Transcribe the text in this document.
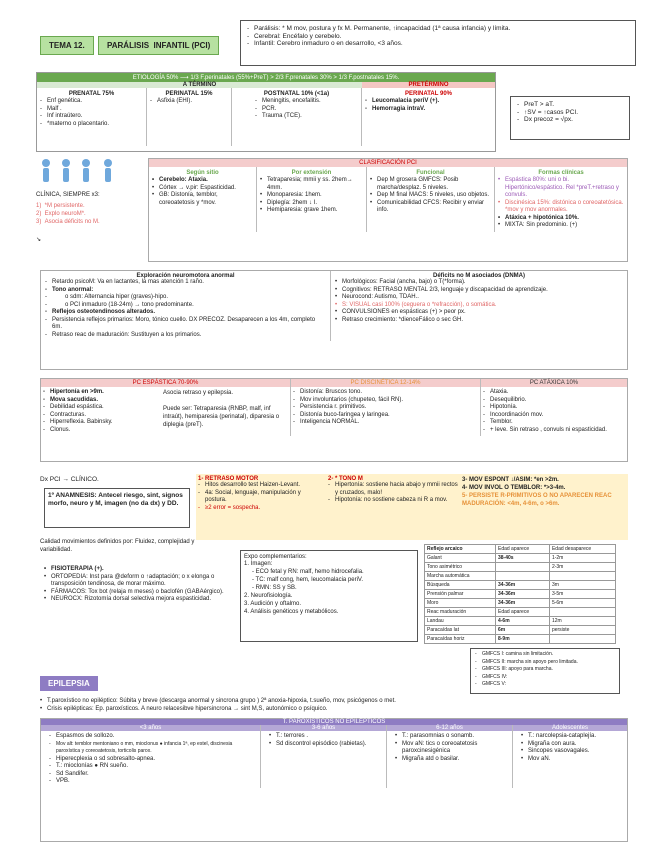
TEMA 12.	PARÁLISIS  INFANTIL (PCI)
- Parálisis: * M mov, postura y fx M. Permanente, ↑incapacidad (1ª causa infancia) y límita.
- Cerebral: Encéfalo y cerebelo.
- Infantil: Cerebro inmaduro o en desarrollo, <3 años.
ETIOLOGÍA 50% ⟶ 1/3 F.perinatales (55%+PreT) > 2/3 F.prenatales 30% > 1/3 F.postnatales 15%.
A TÉRMINO	PRETÉRMINO
PRENATAL 75%
- Enf genética.
- Malf .
- Inf intraútero.
- *materno o placentario.
PERINATAL 15%
- Asfixia (EHI).
POSTNATAL 10% (<1a)
- Meningitis, encefalitis.
- PCR.
- Trauma (TCE).
PERINATAL 90%
- Leucomalacia periV (+).
- Hemorragia intraV.
- PreT > aT.
- ↑SV = ↑casos PCI.
- Dx precoz = √px.
CLÍNICA, SIEMPRE x3:
1)  *M persistente.
2)  Explo neuroM*.
3)  Asocia déficits no M.
↘
CLASIFICACIÓN PCI
Según sitio
• Cerebelo: Ataxia.
• Córtex → v.pir: Espasticidad.
• GB: Distonía, temblor, coreoatetosis y *mov.
Por extensión
• Tetraparesia; mmii y ss. 2hem→ 4mm.
• Monoparesia: 1hem.
• Diplegía: 2hem ↓ I.
• Hemiparesia: grave 1hem.
Funcional
• Dep M grosera GMFCS: Posib marcha/desplaz. 5 niveles.
• Dep M final MACS: 5 niveles, uso objetos.
• Comunicabilidad CFCS: Recibir y enviar info.
Formas clínicas
• Espástica 80%: uni o bi. Hipertónico/espástico. Rel *preT.+retraso y convuls.
• Discinésica 15%: distónica o coreoatetósica. *mov y mov anormales.
• Atáxica + hipotónica 10%.
• MIXTA: Sin predominio. (+)
Exploración neuromotora anormal
- Retardo psicoM: Va en lactantes, la mas atención 1 raño.
- Tono anormal:
- o sdm: Alternancia hiper (graves)-hipo.
- o PCI inmaduro (18-24m) → tono predominante.
- Reflejos osteotendinosos alterados.
- Persistencia reflejos primarios: Moro, tónico cuello. DX PRECOZ. Desaparecen a los 4m, completo 6m.
- Retraso reac de maduración: Sustituyen a los primarios.
Déficits no M asociados (DNMA)
• Morfológicos: Facial (ancha, bajo) o T(*forma).
• Cognitivos: RETRASO MENTAL 2/3, lenguaje y discapacidad de aprendizaje.
• Neurocond: Autismo, TDAH..
• S: VISUAL casi 100% (ceguera o *refracción), o somática.
• CONVULSIONES en espásticas (+) > peor px.
• Retraso crecimiento: *dienceFálico o sec GH.
PC ESPÁSTICA 70-90%
- Hipertonía en >9m.
- Mova sacudidas.
- Debilidad espástica.
- Contracturas.
- Hiperreflexia. Babinsky.
- Clonus.
Asocia retraso y epilepsia.
Puede ser: Tetraparesia (RNBP, malf, inf intraút), hemiparesia (perinatal), diparesia o diplegia (preT).
PC DISCINÉTICA 12-14%
- Distonía: Bruscos tono.
- Mov involuntarios (chupeteo, fácil RN).
- Persistencia r. primitivos.
- Distonía buco-faringea y laringea.
- Inteligencia NORMAL.
PC ATÁXICA 10%
- Ataxia.
- Desequilibrio.
- Hipotonía.
- Incoordinación mov.
- Temblor.
- + leve. Sin retraso , convuls ni espasticidad.
Dx PCI → CLÍNICO.
1º ANAMNESIS: Antecel riesgo, sint, signos morfo, neuro y M, imagen (no da dx) y DD.
Calidad movimientos definidos por: Fluidez, complejidad y variabilidad.
1- RETRASO MOTOR
- Hitos desarrollo test Haizen-Levant.
- 4a: Social, lenguaje, manipulación y postura.
- ≥2 error = sospecha.
2- * TONO M
- Hipertonía: sostiene hacia abajo y mmii rectos y cruzados, malo!
- Hipotonía: no sostiene cabeza ni R a mov.
3- MOV ESPONT ↓/ASIM: *en >2m.
4- MOV INVOL O TEMBLOR: *>3-4m.
5- PERSISTE R-PRIMITIVOS O NO APARECEN REAC MADURACIÓN: <4m, 4-6m, o >6m.
• FISIOTERAPIA (+).
• ORTOPEDIA: Inst para @deform o ↑adaptación; o x elonga o transposición tendinosa, de morar máximo.
• FÁRMACOS: Tox bot (relaja m meses) o baclofén (GABAérgico).
• NEUROCX: Rizotomía dorsal selectiva mejora espasticidad.
Expo complementarios:
1. Imagen:
- ECO fetal y RN: malf, hemo hidrocefalia.
- TC: malf cong, hem, leucomalacia periV.
- RMN: SS y SB.
2. Neurofisiología.
3. Audición y oftalmo.
4. Análisis genéticos y metabólicos.
Reflejo arcaico	Edad aparece	Edad desaparece
Galant	38-40s	1-2m
Tono asimétrico		2-3m
Marcha automática		
Búsqueda	34-36m	3m
Prensión palmar	34-36m	3-5m
Moro	34-36m	5-6m
Reac maduración	Edad aparece	
Landau	4-6m	12m
Paracaídas lat	6m	persiste
Paracaídas horiz	8-9m	
- GMFCS I: camina sin limitación.
- GMFCS II: marcha sin apoyo pero limitada.
- GMFCS III: apoyo para marcha.
- GMFCS IV:
- GMFCS V:
EPILEPSIA
• T.paroxístico no epiléptico: Súbita y breve (descarga anormal y sincrona grupo ) 2ª anoxia-hipoxia, t.sueño, mov, psicógenos o met.
• Crisis epilépticas: Ep. paroxísticos. A neuro relacesibve hipersincrona → sint M,S, autonómico o psíquico.
T. PAROXÍSTICOS NO EPILÉPTICOS
<3 años
- Espasmos de sollozo.
- Mov alt: temblor mentoniano o mm, mioclonus ● infancia 1ª, ep estel, discinesia paroxística y coreoatetosis, torticolis parox.
- Hiperecplexia o sd sobresalto-apnea.
- T.: mioclonías ● RN sueño.
- Sd Sandifer.
- VPB.
3-6 años
• T.: terrores .
• Sd discontrol episódico (rabietas).
6-12 años
• T.: parasomnias o sonamb.
• Mov aN: tics o coreoatetosis paroxcinesigénica
• Migraña atd o basilar.
Adolescentes
• T.: narcolepsia-cataplejía.
• Migraña con aura.
• Sincopes vasovagales.
• Mov aN.
